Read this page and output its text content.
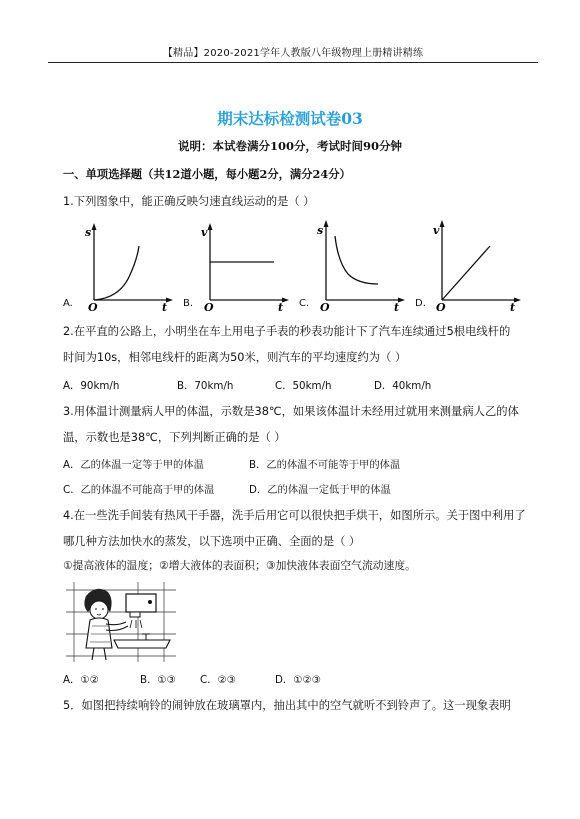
【精品】2020-2021学年人教版八年级物理上册精讲精练
期末达标检测试卷03
说明：本试卷满分100分，考试时间90分钟
一、单项选择题（共12道小题，每小题2分，满分24分）
1.下列图象中，能正确反映匀速直线运动的是（ ）
A.
s
O	t B.
v
O	t C.
s
O	t D.
v
O	t
2.在平直的公路上，小明坐在车上用电子手表的秒表功能计下了汽车连续通过5根电线杆的
时间为10s，相邻电线杆的距离为50米，则汽车的平均速度约为（ ）
A．90km/h	B．70km/h	C．50km/h	D．40km/h
3.用体温计测量病人甲的体温，示数是38℃，如果该体温计未经用过就用来测量病人乙的体
温，示数也是38℃，下列判断正确的是（ ）
A．乙的体温一定等于甲的体温	B．乙的体温不可能等于甲的体温
C．乙的体温不可能高于甲的体温	D．乙的体温一定低于甲的体温
4.在一些洗手间装有热风干手器，洗手后用它可以很快把手烘干，如图所示。关于图中利用了
哪几种方法加快水的蒸发，以下选项中正确、全面的是（ ）
①提高液体的温度；②增大液体的表面积；③加快液体表面空气流动速度。
A．①②	B．①③ C．②③	D．①②③
5．如图把持续响铃的闹钟放在玻璃罩内，抽出其中的空气就听不到铃声了。这一现象表明
